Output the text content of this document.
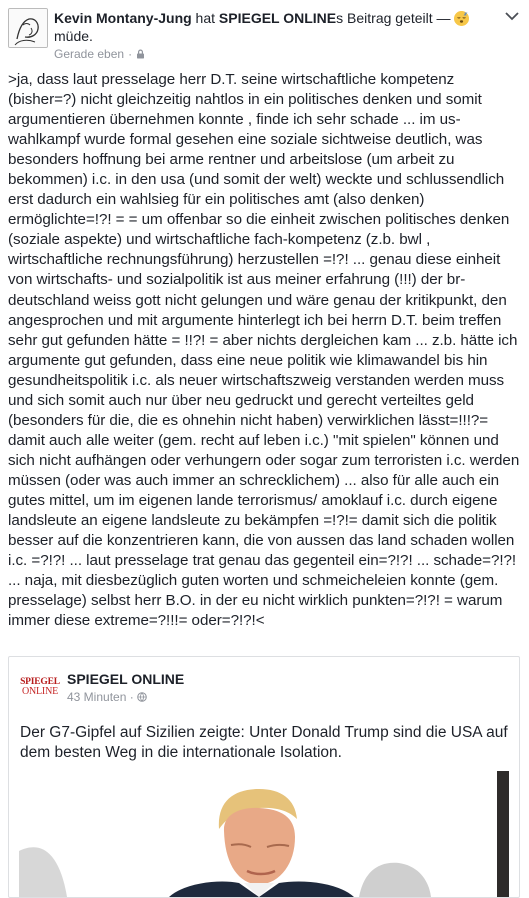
Kevin Montany-Jung hat SPIEGEL ONLINEs Beitrag geteilt —

müde.
Gerade eben ·
>ja, dass laut presselage herr D.T. seine wirtschaftliche kompetenz (bisher=?) nicht gleichzeitig nahtlos in ein politisches denken und somit argumentieren übernehmen konnte , finde ich sehr schade ... im us-wahlkampf wurde formal gesehen eine soziale sichtweise deutlich, was besonders hoffnung bei arme rentner und arbeitslose (um arbeit zu bekommen) i.c. in den usa (und somit der welt) weckte und schlussendlich erst dadurch ein wahlsieg für ein politisches amt (also denken) ermöglichte=!?! = = um offenbar so die einheit zwischen politisches denken (soziale aspekte) und wirtschaftliche fach-kompetenz (z.b. bwl , wirtschaftliche rechnungsführung) herzustellen =!?! ... genau diese einheit von wirtschafts- und sozialpolitik ist aus meiner erfahrung (!!!) der br-deutschland weiss gott nicht gelungen und wäre genau der kritikpunkt, den angesprochen und mit argumente hinterlegt ich bei herrn D.T. beim treffen sehr gut gefunden hätte = !!?! = aber nichts dergleichen kam ... z.b. hätte ich argumente gut gefunden, dass eine neue politik wie klimawandel bis hin gesundheitspolitik i.c. als neuer wirtschaftszweig verstanden werden muss und sich somit auch nur über neu gedruckt und gerecht verteiltes geld (besonders für die, die es ohnehin nicht haben) verwirklichen lässt=!!!?= damit auch alle weiter (gem. recht auf leben i.c.) "mit spielen" können und sich nicht aufhängen oder verhungern oder sogar zum terroristen i.c. werden müssen (oder was auch immer an schrecklichem) ... also für alle auch ein gutes mittel, um im eigenen lande terrorismus/ amoklauf i.c. durch eigene landsleute an eigene landsleute zu bekämpfen =!?!= damit sich die politik besser auf die konzentrieren kann, die von aussen das land schaden wollen i.c. =?!?! ... laut presselage trat genau das gegenteil ein=?!?! ... schade=?!?! ... naja, mit diesbezüglich guten worten und schmeicheleien konnte (gem. presselage) selbst herr B.O. in der eu nicht wirklich punkten=?!?! = warum immer diese extreme=?!!!= oder=?!?!<
SPIEGEL
ONLINE
SPIEGEL ONLINE
43 Minuten ·
Der G7-Gipfel auf Sizilien zeigte: Unter Donald Trump sind die USA auf dem besten Weg in die internationale Isolation.
